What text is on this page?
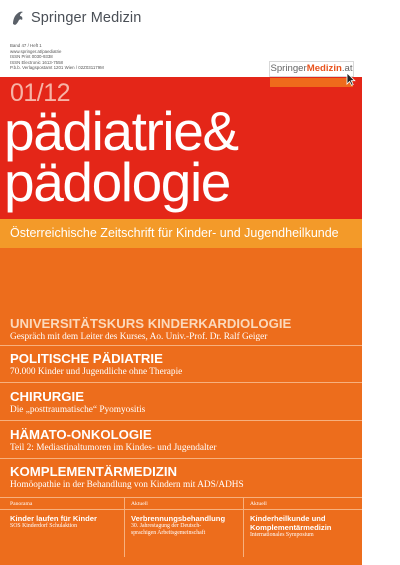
Springer Medizin
Band 47 / Heft 1
www.springer.at/paediatrie
ISSN Print 0030-9338
ISSN Electronic 1613-7558
P.b.b. Verlagspostamt 1201 Wien / 02Z031179M	SpringerMedizin.at
01/12
pädiatrie&
pädologie
Österreichische Zeitschrift für Kinder- und Jugendheilkunde
UNIVERSITÄTSKURS KINDERKARDIOLOGIE
Gespräch mit dem Leiter des Kurses, Ao. Univ.-Prof. Dr. Ralf Geiger
POLITISCHE PÄDIATRIE
70.000 Kinder und Jugendliche ohne Therapie
CHIRURGIE
Die „posttraumatische“ Pyomyositis
HÄMATO-ONKOLOGIE
Teil 2: Mediastinaltumoren im Kindes- und Jugendalter
KOMPLEMENTÄRMEDIZIN
Homöopathie in der Behandlung von Kindern mit ADS/ADHS
Panorama
Kinder laufen für Kinder
SOS Kinderdorf Schulaktion
Aktuell
Verbrennungsbehandlung
30. Jahrestagung der Deutsch-sprachigen Arbeitsgemeinschaft
Aktuell
Kinderheilkunde und Komplementärmedizin
Internationales Symposium
